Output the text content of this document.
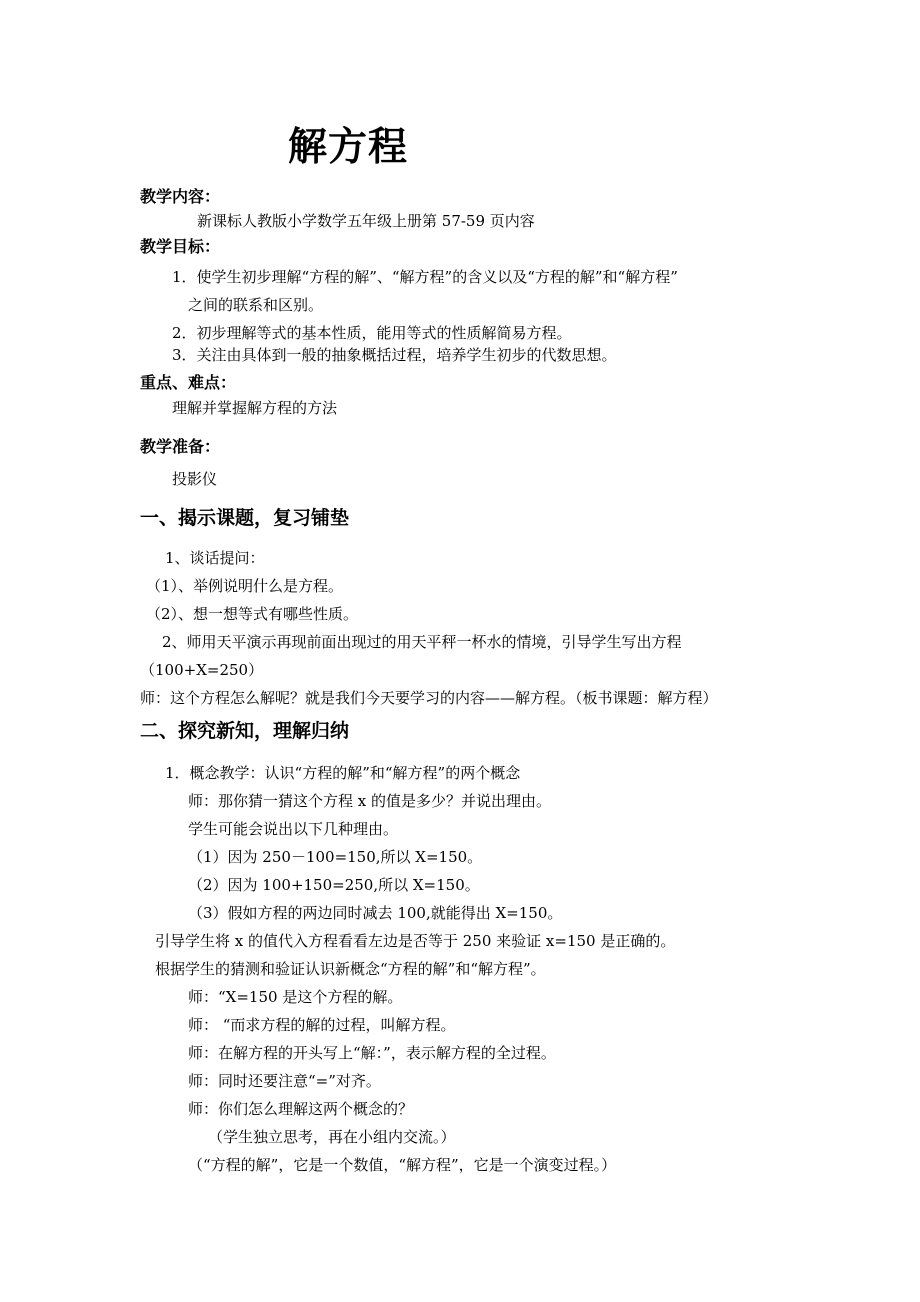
解方程
教学内容：
新课标人教版小学数学五年级上册第 57-59 页内容
教学目标：
1．使学生初步理解“方程的解”、“解方程”的含义以及“方程的解”和“解方程”
之间的联系和区别。
2．初步理解等式的基本性质，能用等式的性质解简易方程。
3．关注由具体到一般的抽象概括过程，培养学生初步的代数思想。
重点、难点：
理解并掌握解方程的方法
教学准备：
投影仪
一、揭示课题，复习铺垫
1、谈话提问：
（1）、举例说明什么是方程。
（2）、想一想等式有哪些性质。
2、师用天平演示再现前面出现过的用天平秤一杯水的情境，引导学生写出方程
（100+X=250）
师：这个方程怎么解呢？就是我们今天要学习的内容——解方程。（板书课题：解方程）
二、探究新知，理解归纳
1．概念教学：认识“方程的解”和“解方程”的两个概念
师：那你猜一猜这个方程 x 的值是多少？并说出理由。
学生可能会说出以下几种理由。
（1）因为 250－100=150,所以 X=150。
（2）因为 100+150=250,所以 X=150。
（3）假如方程的两边同时减去 100,就能得出 X=150。
引导学生将 x 的值代入方程看看左边是否等于 250 来验证 x=150 是正确的。
根据学生的猜测和验证认识新概念“方程的解”和“解方程”。
师：“X=150 是这个方程的解。
师： “而求方程的解的过程，叫解方程。
师：在解方程的开头写上“解：”，表示解方程的全过程。
师：同时还要注意“=”对齐。
师：你们怎么理解这两个概念的？
（学生独立思考，再在小组内交流。）
（“方程的解”，它是一个数值，“解方程”，它是一个演变过程。）
